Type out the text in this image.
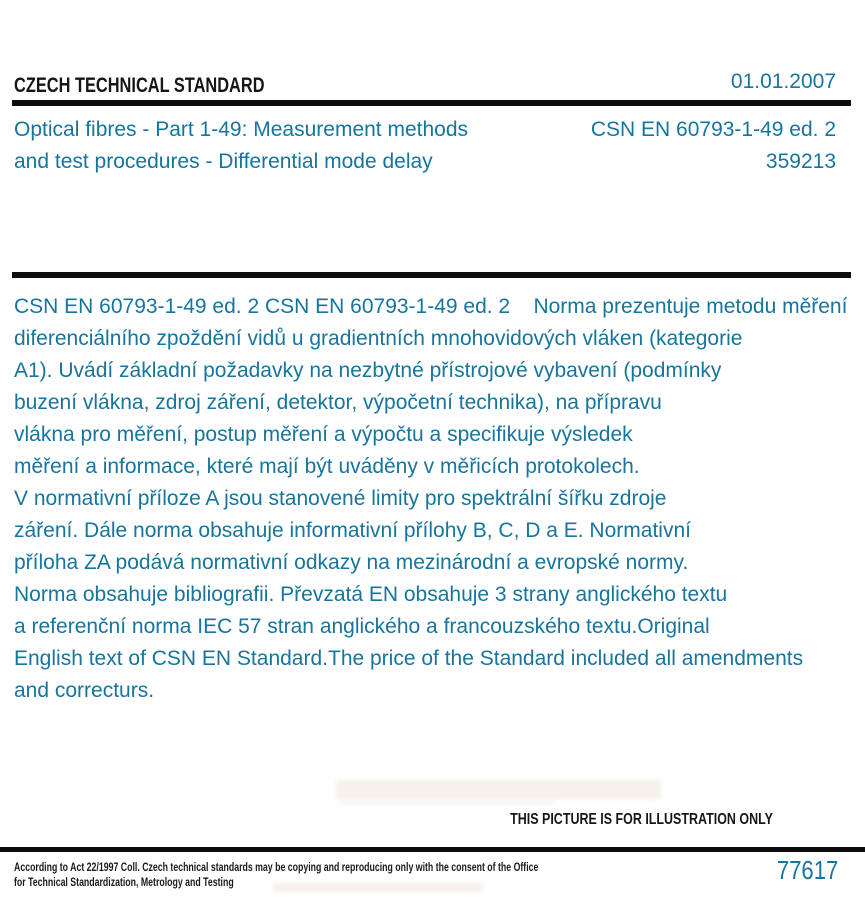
CZECH TECHNICAL STANDARD	01.01.2007
Optical fibres - Part 1-49: Measurement methods
and test procedures - Differential mode delay
CSN EN 60793-1-49 ed. 2
359213
CSN EN 60793-1-49 ed. 2 CSN EN 60793-1-49 ed. 2    Norma prezentuje metodu měření
diferenciálního zpoždění vidů u gradientních mnohovidových vláken (kategorie
A1). Uvádí základní požadavky na nezbytné přístrojové vybavení (podmínky
buzení vlákna, zdroj záření, detektor, výpočetní technika), na přípravu
vlákna pro měření, postup měření a výpočtu a specifikuje výsledek
měření a informace, které mají být uváděny v měřicích protokolech.
V normativní příloze A jsou stanovené limity pro spektrální šířku zdroje
záření. Dále norma obsahuje informativní přílohy B, C, D a E. Normativní
příloha ZA podává normativní odkazy na mezinárodní a evropské normy.
Norma obsahuje bibliografii. Převzatá EN obsahuje 3 strany anglického textu
a referenční norma IEC 57 stran anglického a francouzského textu.Original
English text of CSN EN Standard.The price of the Standard included all amendments
and correcturs.
THIS PICTURE IS FOR ILLUSTRATION ONLY
According to Act 22/1997 Coll. Czech technical standards may be copying and reproducing only with the consent of the Office
for Technical Standardization, Metrology and Testing	77617
